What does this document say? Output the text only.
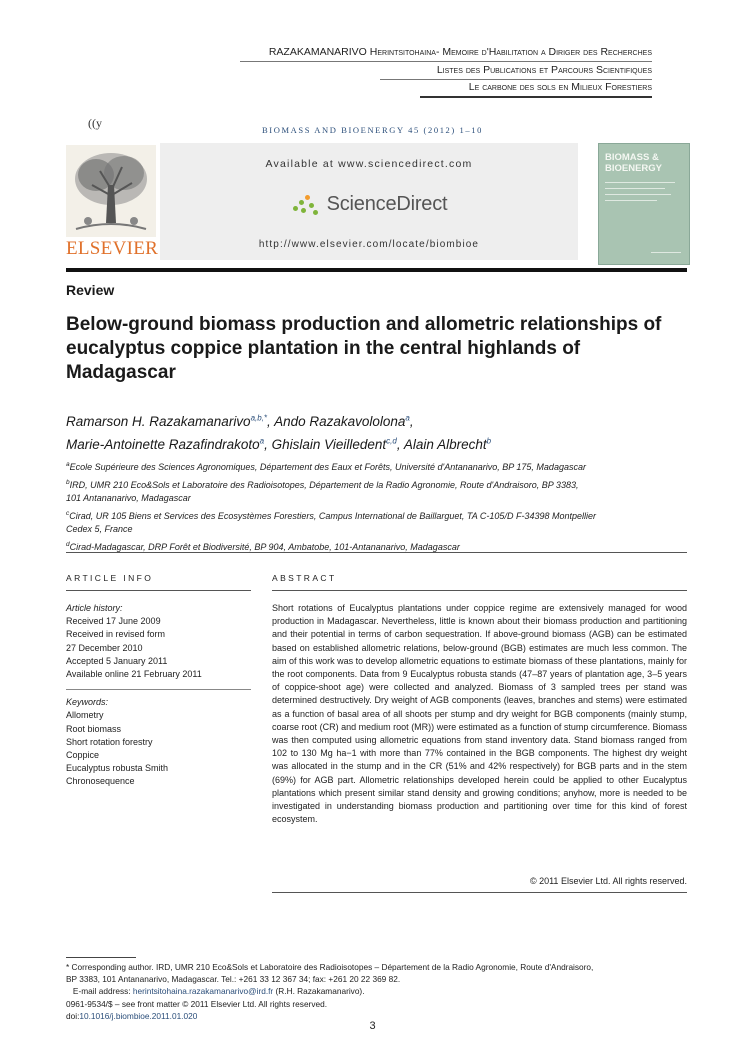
RAZAKAMANARIVO Herintsitohaina- Memoire d'Habilitation a Diriger des Recherches
Listes des Publications et Parcours Scientifiques
Le carbone des sols en Milieux Forestiers
((y	BIOMASS AND BIOENERGY 45 (2012) 1–10
ELSEVIER
Available at www.sciencedirect.com
ScienceDirect
http://www.elsevier.com/locate/biombioe
BIOMASS & BIOENERGY
Review
Below-ground biomass production and allometric relationships of eucalyptus coppice plantation in the central highlands of Madagascar
Ramarson H. Razakamanarivo$^{a,b,*}$, Ando Razakavololona$^a$,
Marie-Antoinette Razafindrakoto$^a$, Ghislain Vieilledent$^{c,d}$, Alain Albrecht$^b$

$^a$Ecole Supérieure des Sciences Agronomiques, Département des Eaux et Forêts, Université d'Antananarivo, BP 175, Madagascar

$^b$IRD, UMR 210 Eco&Sols et Laboratoire des Radioisotopes, Département de la Radio Agronomie, Route d'Andraisoro, BP 3383,
101 Antananarivo, Madagascar

$^c$Cirad, UR 105 Biens et Services des Ecosystèmes Forestiers, Campus International de Baillarguet, TA C-105/D F-34398 Montpellier
Cedex 5, France

$^d$Cirad-Madagascar, DRP Forêt et Biodiversité, BP 904, Ambatobe, 101-Antananarivo, Madagascar

ARTICLE INFO	ABSTRACT
Article history:
Received 17 June 2009
Received in revised form
27 December 2010
Accepted 5 January 2011
Available online 21 February 2011
Keywords:
Allometry
Root biomass
Short rotation forestry
Coppice
Eucalyptus robusta Smith
Chronosequence
Short rotations of Eucalyptus plantations under coppice regime are extensively managed for wood production in Madagascar. Nevertheless, little is known about their biomass production and partitioning and their potential in terms of carbon sequestration. If above-ground biomass (AGB) can be estimated based on established allometric relations, below-ground (BGB) estimates are much less common. The aim of this work was to develop allometric equations to estimate biomass of these plantations, mainly for the root components. Data from 9 Eucalyptus robusta stands (47–87 years of plantation age, 3–5 years of coppice-shoot age) were collected and analyzed. Biomass of 3 sampled trees per stand was determined destructively. Dry weight of AGB components (leaves, branches and stems) were estimated as a function of basal area of all shoots per stump and dry weight for BGB components (mainly stump, coarse root (CR) and medium root (MR)) were estimated as a function of stump circumference. Biomass was then computed using allometric equations from stand inventory data. Stand biomass ranged from 102 to 130 Mg ha−1 with more than 77% contained in the BGB components. The highest dry weight was allocated in the stump and in the CR (51% and 42% respectively) for BGB parts and in the stem (69%) for AGB part. Allometric relationships developed herein could be applied to other Eucalyptus plantations which present similar stand density and growing conditions; anyhow, more is needed to be investigated in understanding biomass production and partitioning over time for this kind of forest ecosystem.
© 2011 Elsevier Ltd. All rights reserved.
* Corresponding author. IRD, UMR 210 Eco&Sols et Laboratoire des Radioisotopes – Département de la Radio Agronomie, Route d'Andraisoro,
BP 3383, 101 Antananarivo, Madagascar. Tel.: +261 33 12 367 34; fax: +261 20 22 369 82.
E-mail address: herintsitohaina.razakamanarivo@ird.fr (R.H. Razakamanarivo).
0961-9534/$ – see front matter © 2011 Elsevier Ltd. All rights reserved.
doi:10.1016/j.biombioe.2011.01.020
3
